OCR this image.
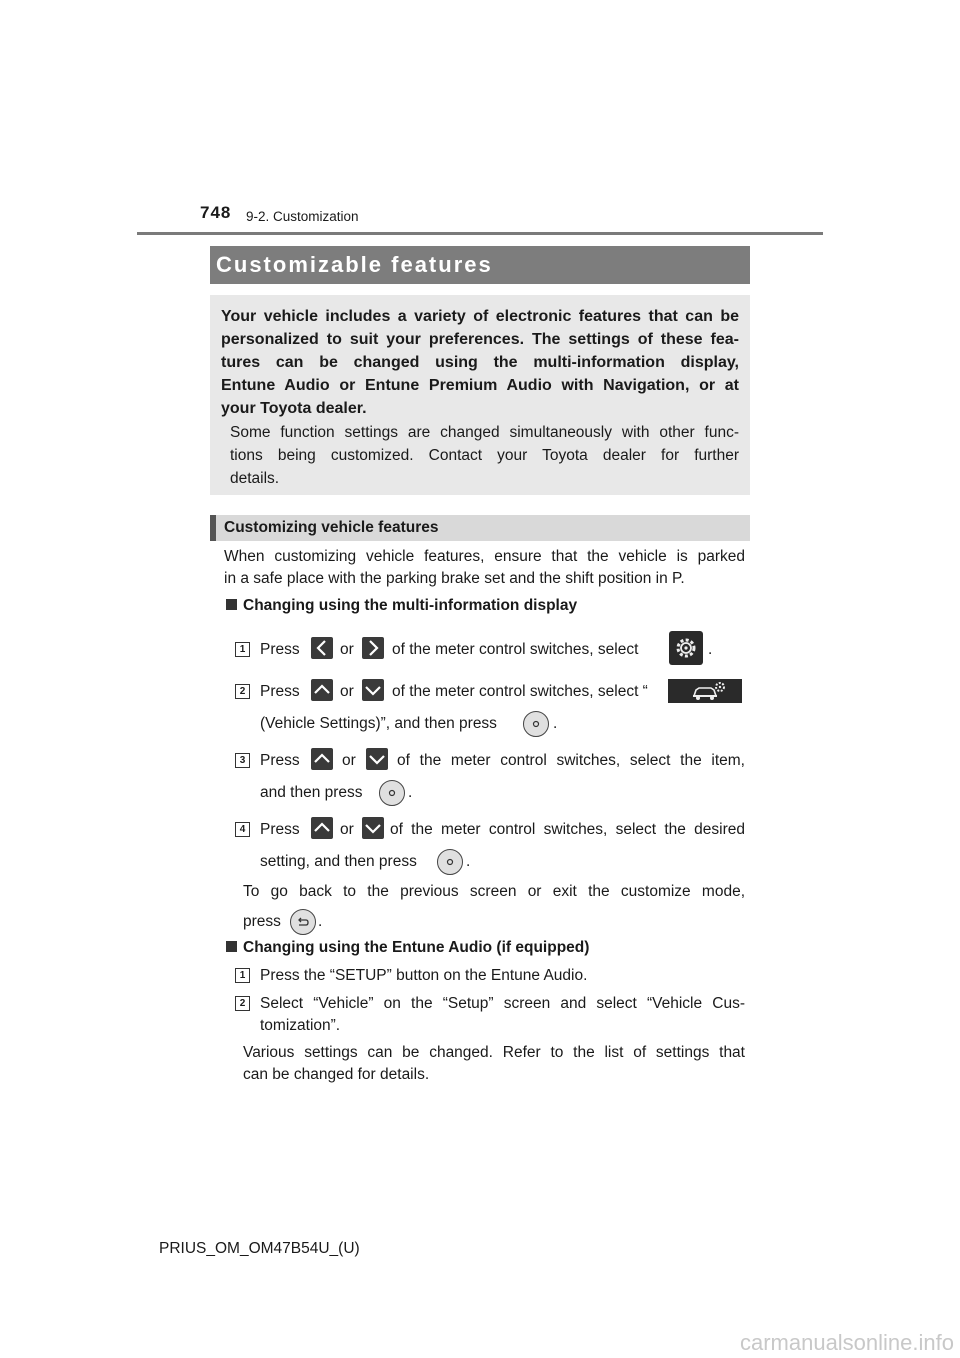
748 9-2. Customization
Customizable features
Your vehicle includes a variety of electronic features that can be
personalized to suit your preferences. The settings of these fea-
tures can be changed using the multi-information display,
Entune Audio or Entune Premium Audio with Navigation, or at
your Toyota dealer.
Some function settings are changed simultaneously with other func-
tions being customized. Contact your Toyota dealer for further
details.
Customizing vehicle features
When customizing vehicle features, ensure that the vehicle is parked
in a safe place with the parking brake set and the shift position in P.
Changing using the multi-information display
1 Press	or of the meter control switches, select	.
2 Press	or of the meter control switches, select “
(Vehicle Settings)”, and then press	.
3 Press	or	of the meter control switches, select the item,
and then press	.
4 Press	or of the meter control switches, select the desired
setting, and then press	.
To go back to the previous screen or exit the customize mode,
press .
Changing using the Entune Audio (if equipped)
1 Press the “SETUP” button on the Entune Audio.
2 Select “Vehicle” on the “Setup” screen and select “Vehicle Cus-
tomization”.
Various settings can be changed. Refer to the list of settings that
can be changed for details.
PRIUS_OM_OM47B54U_(U)
carmanualsonline.info
